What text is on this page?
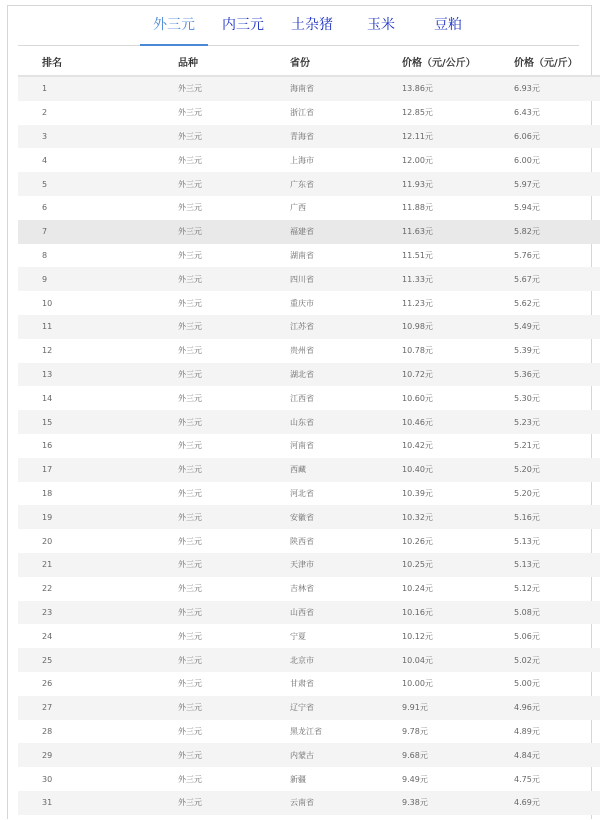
外三元 内三元 土杂猪 玉米	豆粕
排名	品种	省份	价格（元/公斤）	价格（元/斤）
1	外三元	海南省	13.86元	6.93元
2	外三元	浙江省	12.85元	6.43元
3	外三元	青海省	12.11元	6.06元
4	外三元	上海市	12.00元	6.00元
5	外三元	广东省	11.93元	5.97元
6	外三元	广西	11.88元	5.94元
7	外三元	福建省	11.63元	5.82元
8	外三元	湖南省	11.51元	5.76元
9	外三元	四川省	11.33元	5.67元
10	外三元	重庆市	11.23元	5.62元
11	外三元	江苏省	10.98元	5.49元
12	外三元	贵州省	10.78元	5.39元
13	外三元	湖北省	10.72元	5.36元
14	外三元	江西省	10.60元	5.30元
15	外三元	山东省	10.46元	5.23元
16	外三元	河南省	10.42元	5.21元
17	外三元	西藏	10.40元	5.20元
18	外三元	河北省	10.39元	5.20元
19	外三元	安徽省	10.32元	5.16元
20	外三元	陕西省	10.26元	5.13元
21	外三元	天津市	10.25元	5.13元
22	外三元	吉林省	10.24元	5.12元
23	外三元	山西省	10.16元	5.08元
24	外三元	宁夏	10.12元	5.06元
25	外三元	北京市	10.04元	5.02元
26	外三元	甘肃省	10.00元	5.00元
27	外三元	辽宁省	9.91元	4.96元
28	外三元	黑龙江省	9.78元	4.89元
29	外三元	内蒙古	9.68元	4.84元
30	外三元	新疆	9.49元	4.75元
31	外三元	云南省	9.38元	4.69元
